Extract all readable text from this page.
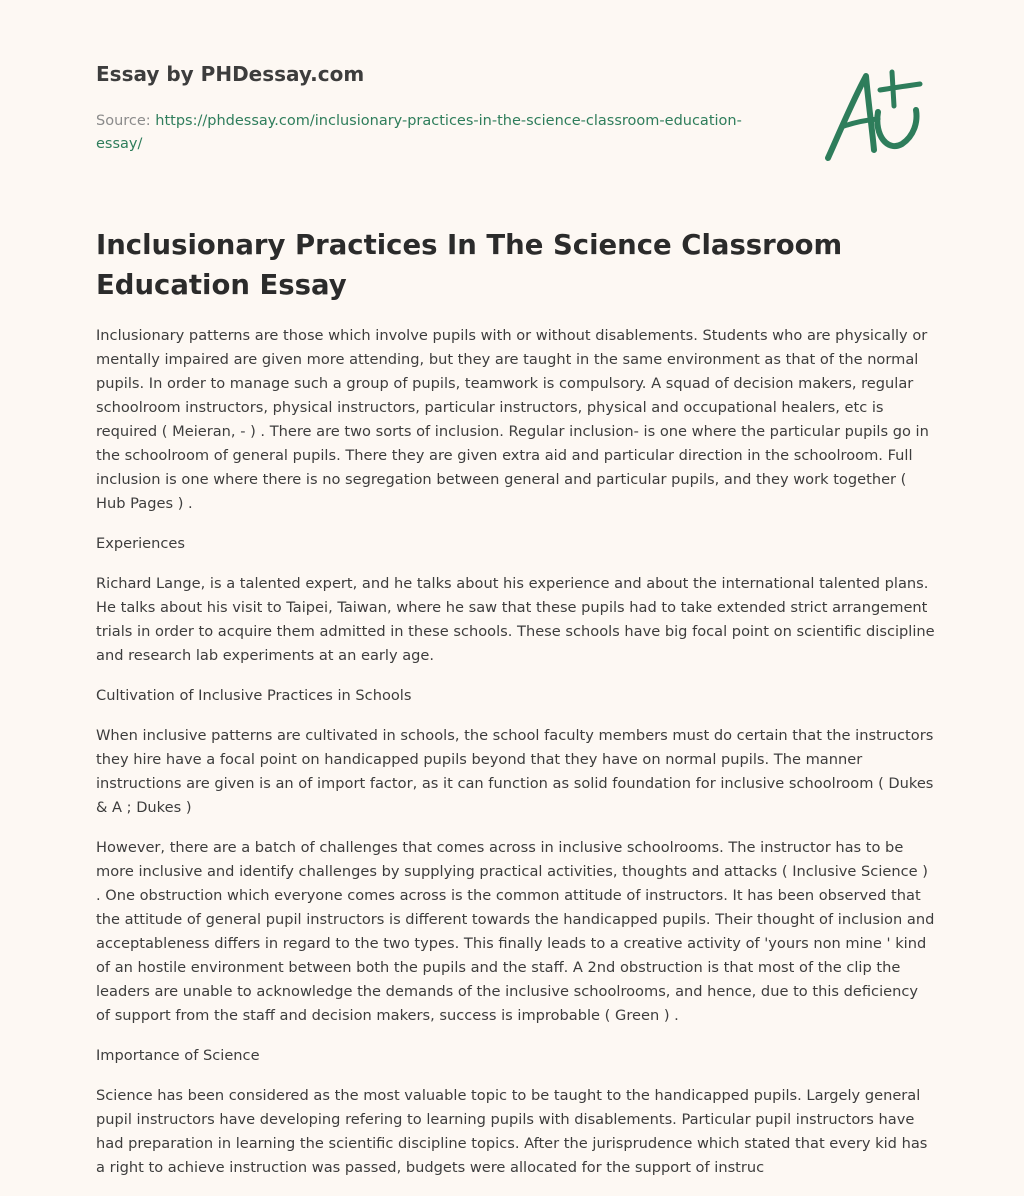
Essay by PHDessay.com

Source: https://phdessay.com/inclusionary-practices-in-the-science-classroom-education-essay/

Inclusionary Practices In The Science Classroom Education Essay

Inclusionary patterns are those which involve pupils with or without disablements. Students who are physically or mentally impaired are given more attending, but they are taught in the same environment as that of the normal pupils. In order to manage such a group of pupils, teamwork is compulsory. A squad of decision makers, regular schoolroom instructors, physical instructors, particular instructors, physical and occupational healers, etc is required ( Meieran, - ) . There are two sorts of inclusion. Regular inclusion- is one where the particular pupils go in the schoolroom of general pupils. There they are given extra aid and particular direction in the schoolroom. Full inclusion is one where there is no segregation between general and particular pupils, and they work together ( Hub Pages ) .

Experiences

Richard Lange, is a talented expert, and he talks about his experience and about the international talented plans. He talks about his visit to Taipei, Taiwan, where he saw that these pupils had to take extended strict arrangement trials in order to acquire them admitted in these schools. These schools have big focal point on scientific discipline and research lab experiments at an early age.

Cultivation of Inclusive Practices in Schools

When inclusive patterns are cultivated in schools, the school faculty members must do certain that the instructors they hire have a focal point on handicapped pupils beyond that they have on normal pupils. The manner instructions are given is an of import factor, as it can function as solid foundation for inclusive schoolroom ( Dukes & A ; Dukes )

However, there are a batch of challenges that comes across in inclusive schoolrooms. The instructor has to be more inclusive and identify challenges by supplying practical activities, thoughts and attacks ( Inclusive Science ) . One obstruction which everyone comes across is the common attitude of instructors. It has been observed that the attitude of general pupil instructors is different towards the handicapped pupils. Their thought of inclusion and acceptableness differs in regard to the two types. This finally leads to a creative activity of 'yours non mine ' kind of an hostile environment between both the pupils and the staff. A 2nd obstruction is that most of the clip the leaders are unable to acknowledge the demands of the inclusive schoolrooms, and hence, due to this deficiency of support from the staff and decision makers, success is improbable ( Green ) .

Importance of Science

Science has been considered as the most valuable topic to be taught to the handicapped pupils. Largely general pupil instructors have developing refering to learning pupils with disablements. Particular pupil instructors have had preparation in learning the scientific discipline topics. After the jurisprudence which stated that every kid has a right to achieve instruction was passed, budgets were allocated for the support of instruc
